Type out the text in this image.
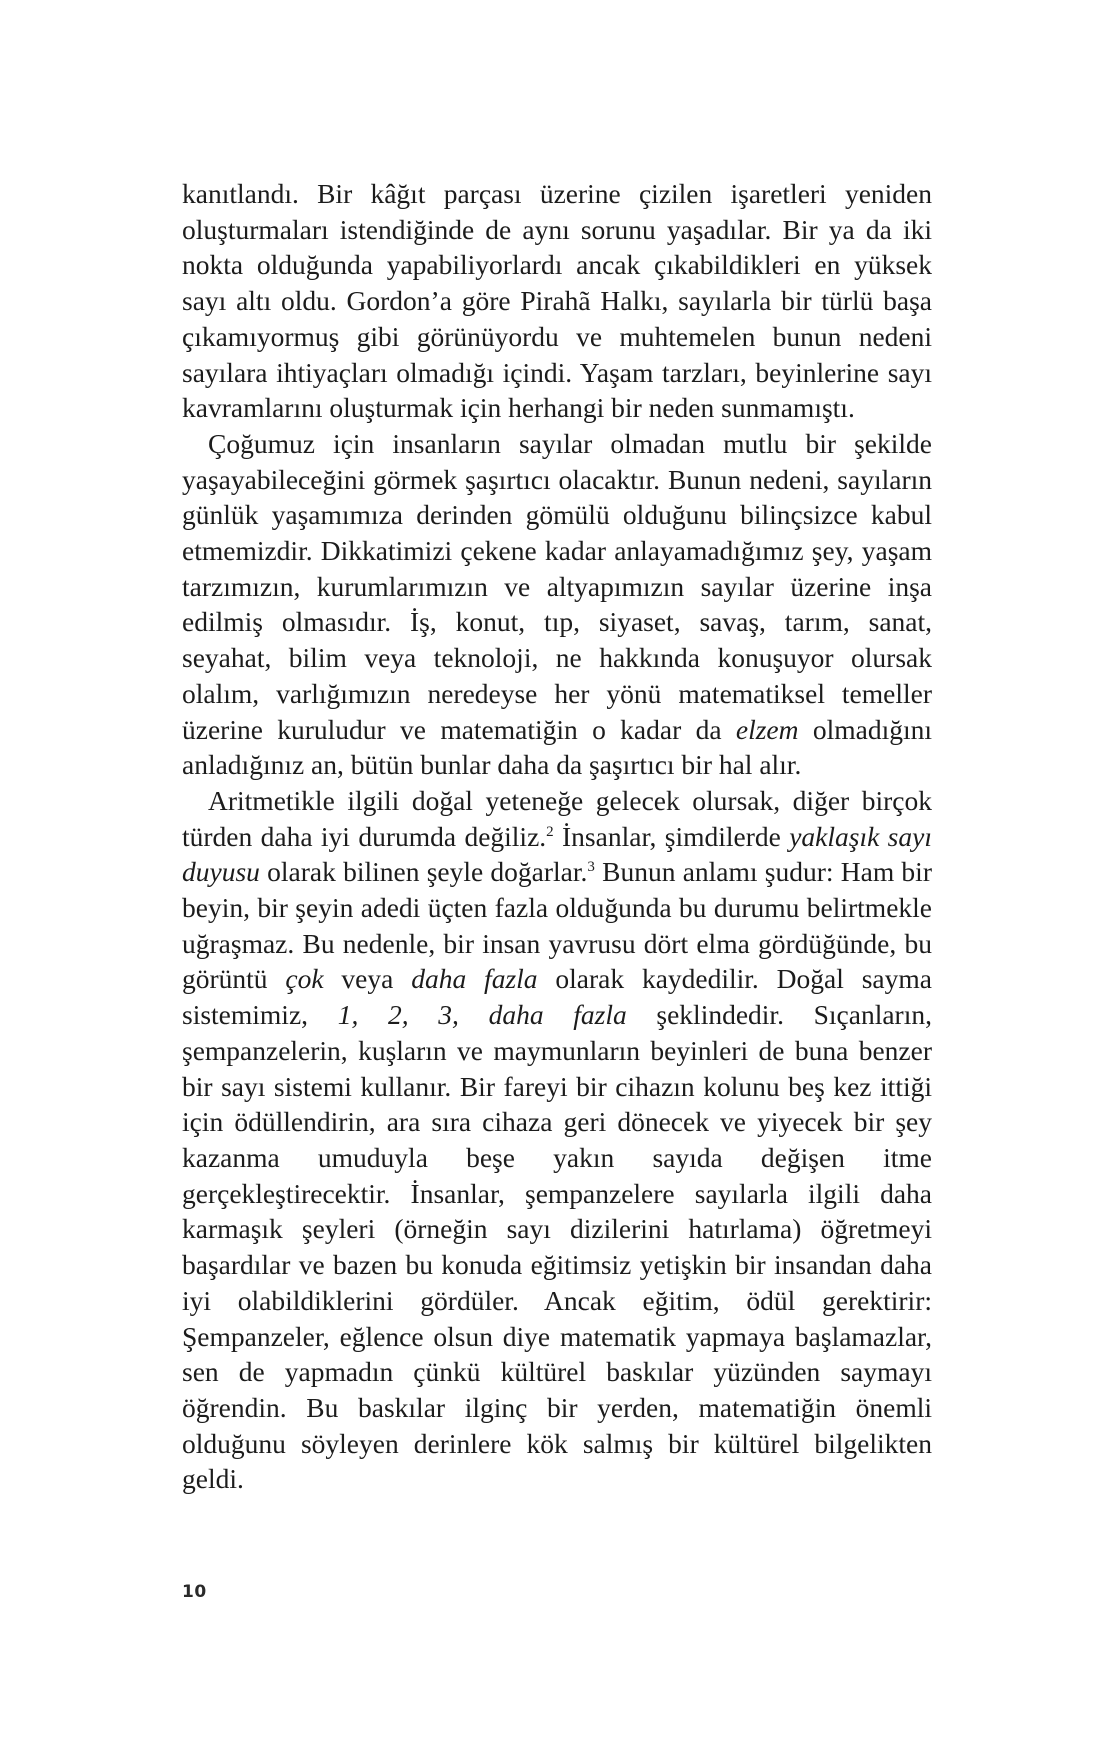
kanıtlandı. Bir kâğıt parçası üzerine çizilen işaretleri yeniden oluşturmaları istendiğinde de aynı sorunu yaşadılar. Bir ya da iki nokta olduğunda yapabiliyorlardı ancak çıkabildikleri en yüksek sayı altı oldu. Gordon’a göre Pirahã Halkı, sayılarla bir türlü başa çıkamıyormuş gibi görünüyordu ve muhtemelen bunun nedeni sayılara ihtiyaçları olmadığı içindi. Yaşam tarzları, beyinlerine sayı kavramlarını oluşturmak için herhangi bir neden sunmamıştı.

Çoğumuz için insanların sayılar olmadan mutlu bir şekilde yaşayabileceğini görmek şaşırtıcı olacaktır. Bunun nedeni, sayıların günlük yaşamımıza derinden gömülü olduğunu bilinçsizce kabul etmemizdir. Dikkatimizi çekene kadar anlayamadığımız şey, yaşam tarzımızın, kurumlarımızın ve altyapımızın sayılar üzerine inşa edilmiş olmasıdır. İş, konut, tıp, siyaset, savaş, tarım, sanat, seyahat, bilim veya teknoloji, ne hakkında konuşuyor olursak olalım, varlığımızın neredeyse her yönü matematiksel temeller üzerine kuruludur ve matematiğin o kadar da elzem olmadığını anladığınız an, bütün bunlar daha da şaşırtıcı bir hal alır.

Aritmetikle ilgili doğal yeteneğe gelecek olursak, diğer birçok türden daha iyi durumda değiliz.$^2$ İnsanlar, şimdilerde yaklaşık sayı duyusu olarak bilinen şeyle doğarlar.$^3$ Bunun anlamı şudur: Ham bir beyin, bir şeyin adedi üçten fazla olduğunda bu durumu belirtmekle uğraşmaz. Bu nedenle, bir insan yavrusu dört elma gördüğünde, bu görüntü çok veya daha fazla olarak kaydedilir. Doğal sayma sistemimiz, 1, 2, 3, daha fazla şeklindedir. Sıçanların, şempanzelerin, kuşların ve maymunların beyinleri de buna benzer bir sayı sistemi kullanır. Bir fareyi bir cihazın kolunu beş kez ittiği için ödüllendirin, ara sıra cihaza geri dönecek ve yiyecek bir şey kazanma umuduyla beşe yakın sayıda değişen itme gerçekleştirecektir. İnsanlar, şempanzelere sayılarla ilgili daha karmaşık şeyleri (örneğin sayı dizilerini hatırlama) öğretmeyi başardılar ve bazen bu konuda eğitimsiz yetişkin bir insandan daha iyi olabildiklerini gördüler. Ancak eğitim, ödül gerektirir: Şempanzeler, eğlence olsun diye matematik yapmaya başlamazlar, sen de yapmadın çünkü kültürel baskılar yüzünden saymayı öğrendin. Bu baskılar ilginç bir yerden, matematiğin önemli olduğunu söyleyen derinlere kök salmış bir kültürel bilgelikten geldi.

10
